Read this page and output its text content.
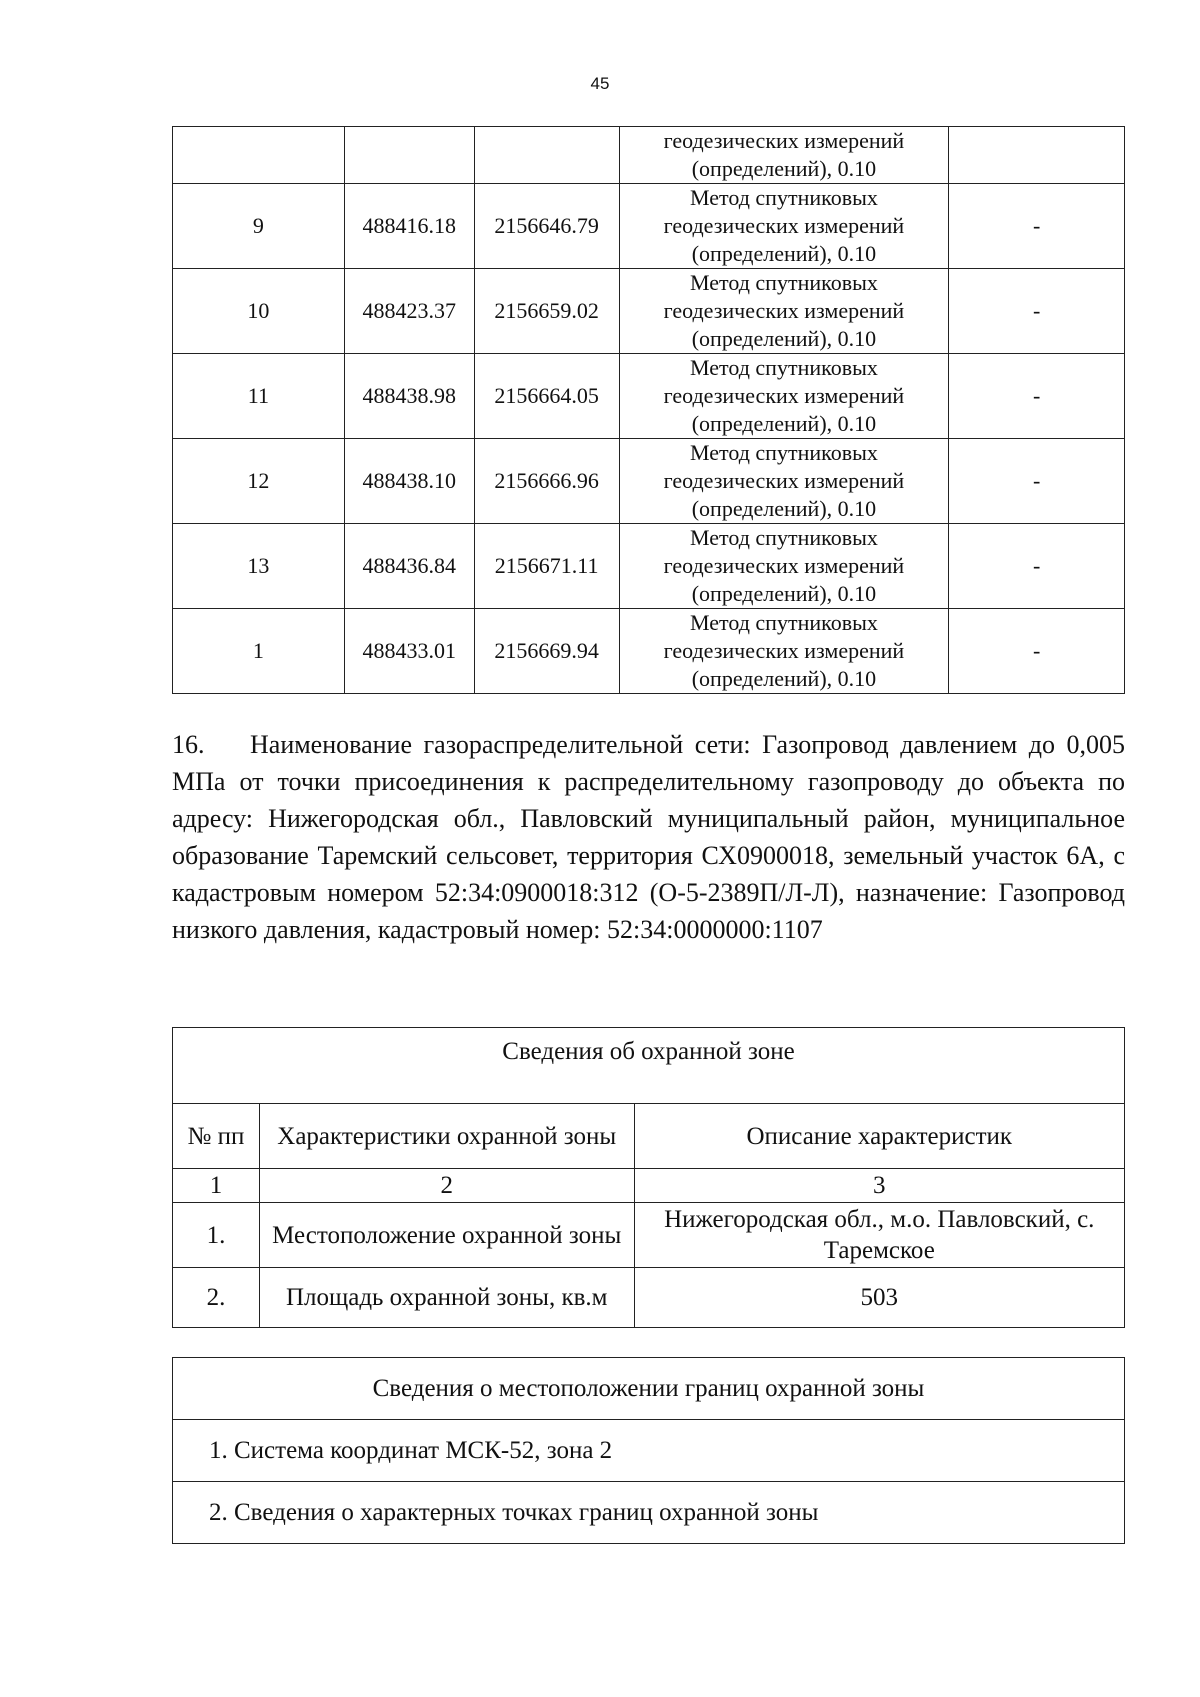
45

			геодезических измерений
(определений), 0.10	

9	488416.18	2156646.79	Метод спутниковых
геодезических измерений
(определений), 0.10	-
10	488423.37	2156659.02	Метод спутниковых
геодезических измерений
(определений), 0.10	-
11	488438.98	2156664.05	Метод спутниковых
геодезических измерений
(определений), 0.10	-
12	488438.10	2156666.96	Метод спутниковых
геодезических измерений
(определений), 0.10	-
13	488436.84	2156671.11	Метод спутниковых
геодезических измерений
(определений), 0.10	-
1	488433.01	2156669.94	Метод спутниковых
геодезических измерений
(определений), 0.10	-

16. Наименование газораспределительной сети: Газопровод давлением до 0,005 МПа от точки присоединения к распределительному газопроводу до объекта по адресу: Нижегородская обл., Павловский муниципальный район, муниципальное образование Таремский сельсовет, территория СХ0900018, земельный участок 6А, с кадастровым номером 52:34:0900018:312 (О-5-2389П/Л-Л), назначение: Газопровод низкого давления, кадастровый номер: 52:34:0000000:1107

Сведения об охранной зоне		
№ пп	Характеристики охранной зоны	Описание характеристик
1	2	3
1.	Местоположение охранной зоны	Нижегородская обл., м.о. Павловский, с. Таремское
2.	Площадь охранной зоны, кв.м	503
Сведения о местоположении границ охранной зоны
1. Система координат МСК-52, зона 2
2. Сведения о характерных точках границ охранной зоны
